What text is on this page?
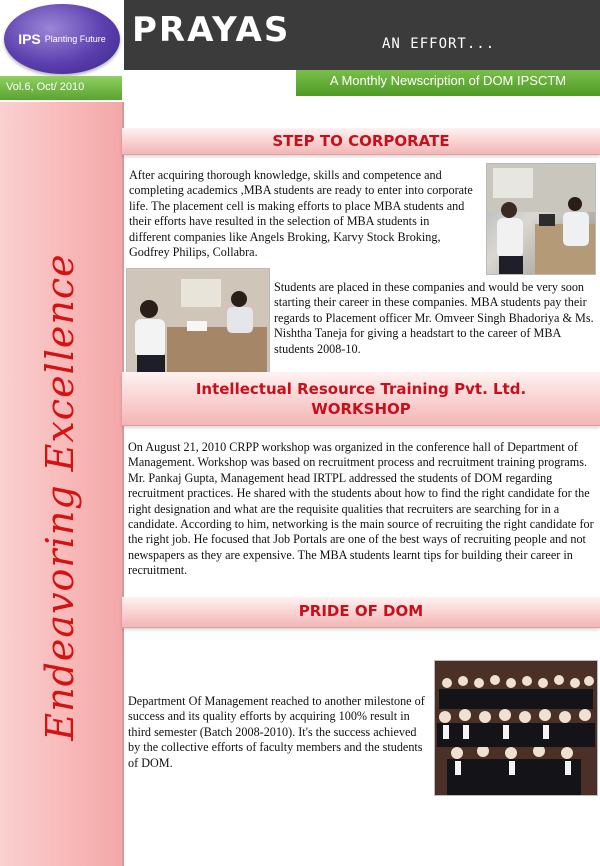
IPS Planting Future PRAYAS	AN EFFORT...
A Monthly Newscription of DOM IPSCTM
Vol.6, Oct/ 2010
Endeavoring Excellence
STEP TO CORPORATE
After acquiring thorough knowledge, skills and competence and completing academics ,MBA students are ready to enter into corporate life. The placement cell is making efforts to place MBA students and their efforts have resulted in the selection of MBA students in different companies like Angels Broking, Karvy Stock Broking, Godfrey Philips, Collabra.
Students are placed in these companies and would be very soon starting their career in these companies. MBA students pay their regards to Placement officer Mr. Omveer Singh Bhadoriya & Ms. Nishtha Taneja for giving a headstart to the career of MBA students 2008-10.
Intellectual Resource Training Pvt. Ltd.
WORKSHOP
On August 21, 2010 CRPP workshop was organized in the conference hall of Department of Management. Workshop was based on recruitment process and recruitment training programs. Mr. Pankaj Gupta, Management head IRTPL addressed the students of DOM regarding recruitment practices. He shared with the students about how to find the right candidate for the right designation and what are the requisite qualities that recruiters are searching for in a candidate. According to him, networking is the main source of recruiting the right candidate for the right job. He focused that Job Portals are one of the best ways of recruiting people and not newspapers as they are expensive. The MBA students learnt tips for building their career in recruitment.
PRIDE OF DOM
Department Of Management reached to another milestone of success and its quality efforts by acquiring 100% result in third semester (Batch 2008-2010). It's the success achieved by the collective efforts of faculty members and the students of DOM.
